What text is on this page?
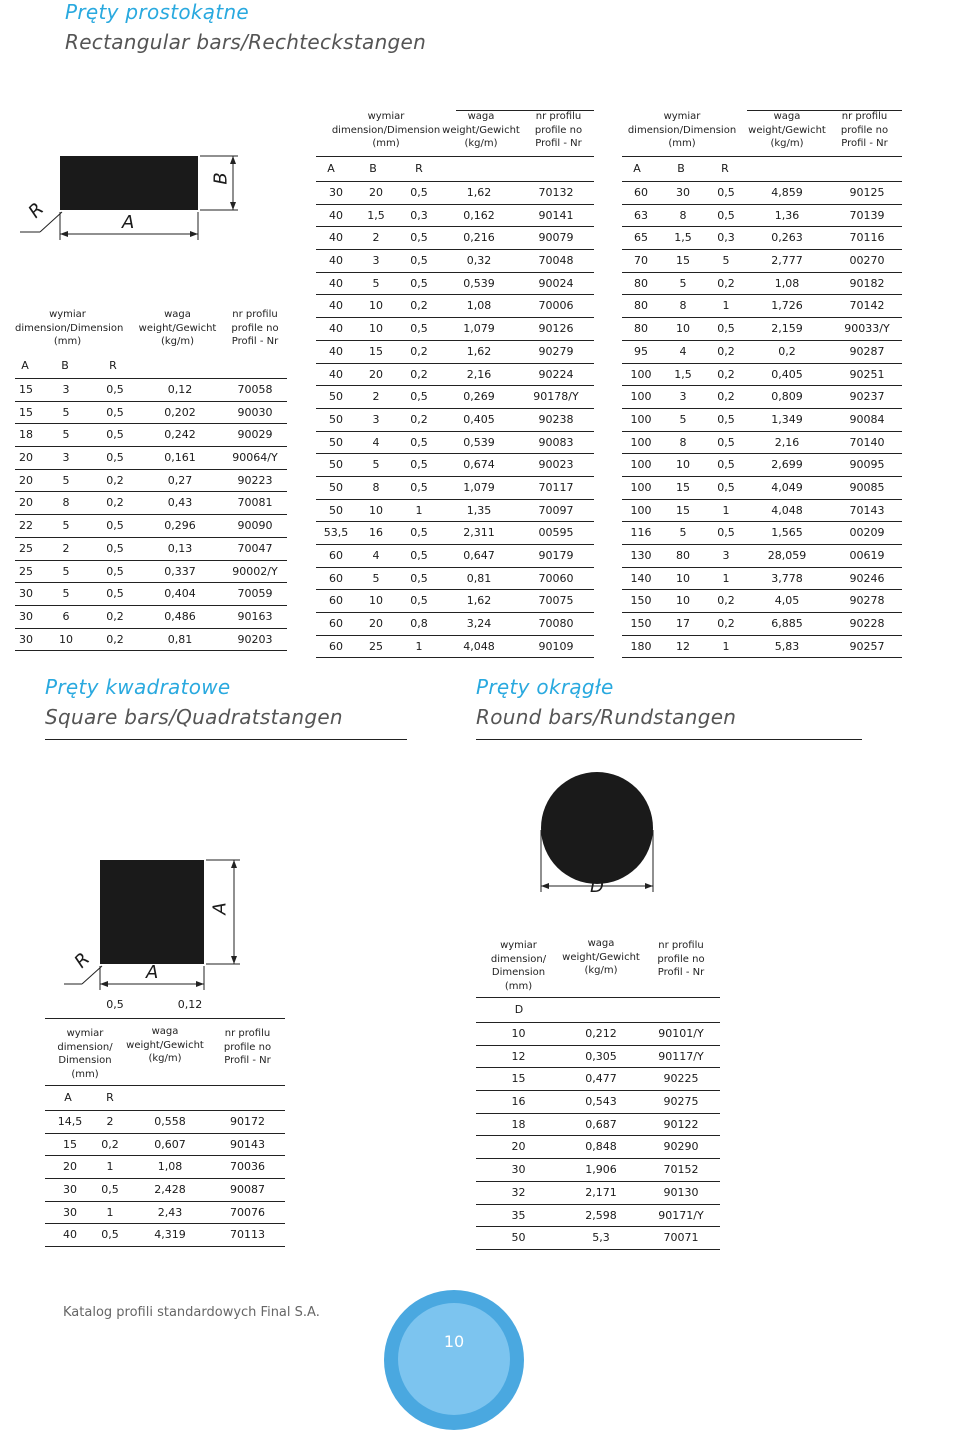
Pręty prostokątne
Rectangular bars/Rechteckstangen
Pręty kwadratowe
Square bars/Quadratstangen
Pręty okrągłe
Round bars/Rundstangen
R
A
B
wymiar
dimension/Dimension
(mm)
waga
weight/Gewicht
(kg/m)
nr profilu
profile no
Profil - Nr
A	B	R
15	3	0,5	0,12	70058
15	5	0,5	0,202	90030
18	5	0,5	0,242	90029
20	3	0,5	0,161	90064/Y
20	5	0,2	0,27	90223
20	8	0,2	0,43	70081
22	5	0,5	0,296	90090
25	2	0,5	0,13	70047
25	5	0,5	0,337	90002/Y
30	5	0,5	0,404	70059
30	6	0,2	0,486	90163
30	10	0,2	0,81	90203
wymiar
dimension/Dimension
(mm)
waga
weight/Gewicht
(kg/m)
nr profilu
profile no
Profil - Nr
A	B	R
30	20	0,5	1,62	70132
40	1,5	0,3	0,162	90141
40	2	0,5	0,216	90079
40	3	0,5	0,32	70048
40	5	0,5	0,539	90024
40	10	0,2	1,08	70006
40	10	0,5	1,079	90126
40	15	0,2	1,62	90279
40	20	0,2	2,16	90224
50	2	0,5	0,269	90178/Y
50	3	0,2	0,405	90238
50	4	0,5	0,539	90083
50	5	0,5	0,674	90023
50	8	0,5	1,079	70117
50	10	1	1,35	70097
53,5	16	0,5	2,311	00595
60	4	0,5	0,647	90179
60	5	0,5	0,81	70060
60	10	0,5	1,62	70075
60	20	0,8	3,24	70080
60	25	1	4,048	90109
wymiar
dimension/Dimension
(mm)
waga
weight/Gewicht
(kg/m)
nr profilu
profile no
Profil - Nr
A	B	R
60	30	0,5	4,859	90125
63	8	0,5	1,36	70139
65	1,5	0,3	0,263	70116
70	15	5	2,777	00270
80	5	0,2	1,08	90182
80	8	1	1,726	70142
80	10	0,5	2,159	90033/Y
95	4	0,2	0,2	90287
100	1,5	0,2	0,405	90251
100	3	0,2	0,809	90237
100	5	0,5	1,349	90084
100	8	0,5	2,16	70140
100	10	0,5	2,699	90095
100	15	0,5	4,049	90085
100	15	1	4,048	70143
116	5	0,5	1,565	00209
130	80	3	28,059	00619
140	10	1	3,778	90246
150	10	0,2	4,05	90278
150	17	0,2	6,885	90228
180	12	1	5,83	90257
R
A
A
0,5	0,12
wymiar
dimension/
Dimension
(mm)
waga
weight/Gewicht
(kg/m)
nr profilu
profile no
Profil - Nr
A	R
14,5	2	0,558	90172
15	0,2	0,607	90143
20	1	1,08	70036
30	0,5	2,428	90087
30	1	2,43	70076
40	0,5	4,319	70113
D
wymiar
dimension/
Dimension
(mm)
waga
weight/Gewicht
(kg/m)
nr profilu
profile no
Profil - Nr
D
10	0,212	90101/Y
12	0,305	90117/Y
15	0,477	90225
16	0,543	90275
18	0,687	90122
20	0,848	90290
30	1,906	70152
32	2,171	90130
35	2,598	90171/Y
50	5,3	70071
Katalog profili standardowych Final S.A.
10
